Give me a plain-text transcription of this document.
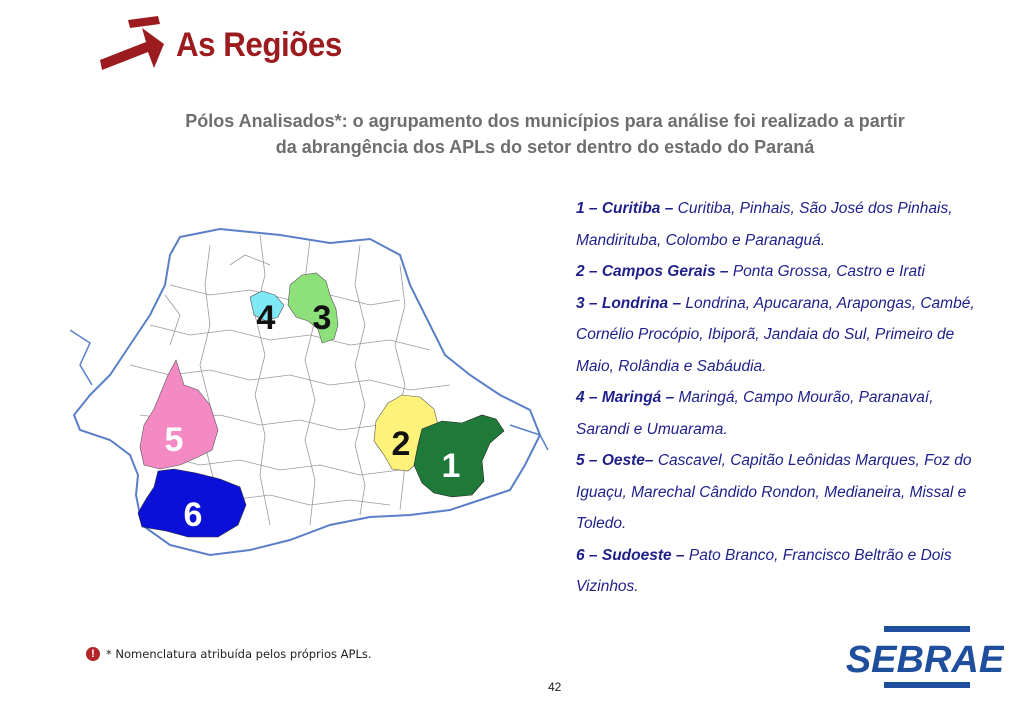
As Regiões
Pólos Analisados*: o agrupamento dos municípios para análise foi realizado a partir
da abrangência dos APLs do setor dentro do estado do Paraná
4 3
5	2
1
6

1 – Curitiba – Curitiba, Pinhais, São José dos Pinhais, Mandirituba, Colombo e Paranaguá.

2 – Campos Gerais – Ponta Grossa, Castro e Irati

3 – Londrina – Londrina, Apucarana, Arapongas, Cambé, Cornélio Procópio, Ibiporã, Jandaia do Sul, Primeiro de Maio, Rolândia e Sabáudia.

4 – Maringá – Maringá, Campo Mourão, Paranavaí, Sarandi e Umuarama.

5 – Oeste– Cascavel, Capitão Leônidas Marques, Foz do Iguaçu, Marechal Cândido Rondon, Medianeira, Missal e Toledo.

6 – Sudoeste – Pato Branco, Francisco Beltrão e Dois Vizinhos.

! * Nomenclatura atribuída pelos próprios APLs.
42
SEBRAE
